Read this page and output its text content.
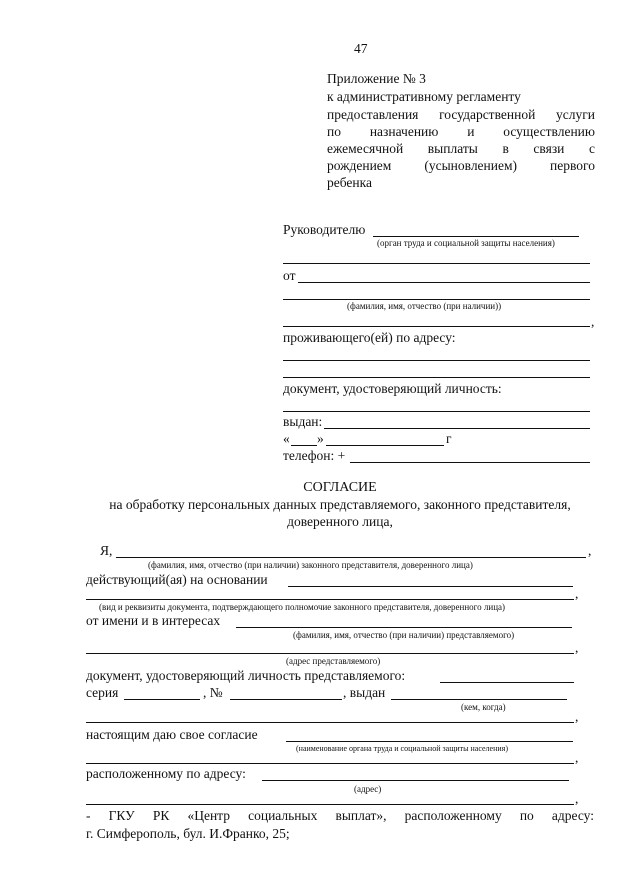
47
Приложение № 3
к административному регламенту
предоставления государственной услуги
по назначению и осуществлению
ежемесячной выплаты в связи с
рождением (усыновлением) первого
ребенка
Руководителю
(орган труда и социальной защиты населения)
от
(фамилия, имя, отчество (при наличии))
,
проживающего(ей) по адресу:
документ, удостоверяющий личность:
выдан:
« »	г
телефон: +
СОГЛАСИЕ
на обработку персональных данных представляемого, законного представителя,
доверенного лица,
Я,	,
(фамилия, имя, отчество (при наличии) законного представителя, доверенного лица)
действующий(ая) на основании
,
(вид и реквизиты документа, подтверждающего полномочие законного представителя, доверенного лица)
от имени и в интересах
(фамилия, имя, отчество (при наличии) представляемого)
,
(адрес представляемого)
документ, удостоверяющий личность представляемого:
серия	, №	, выдан
(кем, когда)
,
настоящим даю свое согласие
(наименование органа труда и социальной защиты населения)
,
расположенному по адресу:
(адрес)
,
- ГКУ РК «Центр социальных выплат», расположенному по адресу:
г. Симферополь, бул. И.Франко, 25;
